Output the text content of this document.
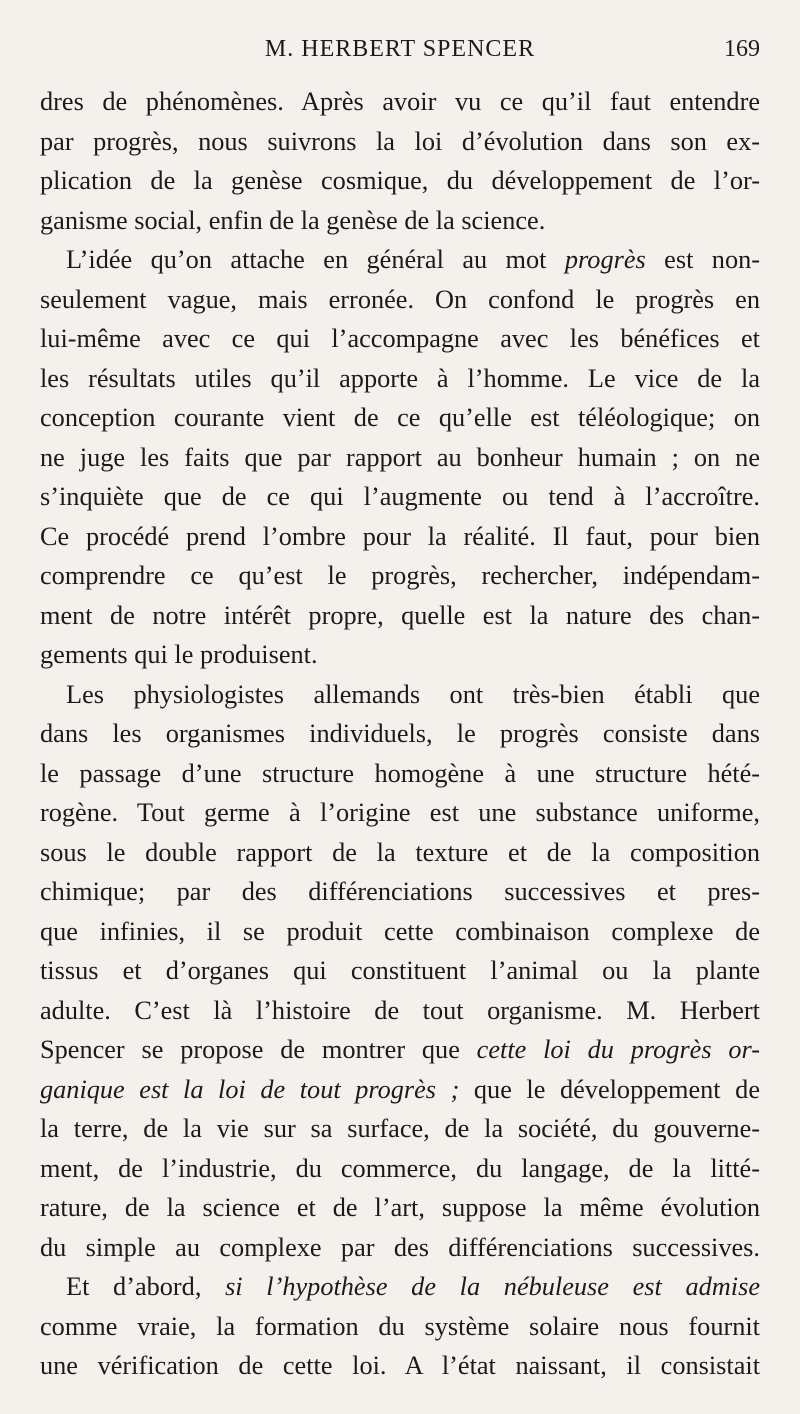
M. HERBERT SPENCER	169
dres de phénomènes. Après avoir vu ce qu’il faut entendre
par progrès, nous suivrons la loi d’évolution dans son ex-
plication de la genèse cosmique, du développement de l’or-
ganisme social, enfin de la genèse de la science.
L’idée qu’on attache en général au mot progrès est non-
seulement vague, mais erronée. On confond le progrès en
lui-même avec ce qui l’accompagne avec les bénéfices et
les résultats utiles qu’il apporte à l’homme. Le vice de la
conception courante vient de ce qu’elle est téléologique; on
ne juge les faits que par rapport au bonheur humain ; on ne
s’inquiète que de ce qui l’augmente ou tend à l’accroître.
Ce procédé prend l’ombre pour la réalité. Il faut, pour bien
comprendre ce qu’est le progrès, rechercher, indépendam-
ment de notre intérêt propre, quelle est la nature des chan-
gements qui le produisent.
Les physiologistes allemands ont très-bien établi que
dans les organismes individuels, le progrès consiste dans
le passage d’une structure homogène à une structure hété-
rogène. Tout germe à l’origine est une substance uniforme,
sous le double rapport de la texture et de la composition
chimique; par des différenciations successives et pres-
que infinies, il se produit cette combinaison complexe de
tissus et d’organes qui constituent l’animal ou la plante
adulte. C’est là l’histoire de tout organisme. M. Herbert
Spencer se propose de montrer que cette loi du progrès or-
ganique est la loi de tout progrès ; que le développement de
la terre, de la vie sur sa surface, de la société, du gouverne-
ment, de l’industrie, du commerce, du langage, de la litté-
rature, de la science et de l’art, suppose la même évolution
du simple au complexe par des différenciations successives.
Et d’abord, si l’hypothèse de la nébuleuse est admise
comme vraie, la formation du système solaire nous fournit
une vérification de cette loi. A l’état naissant, il consistait
